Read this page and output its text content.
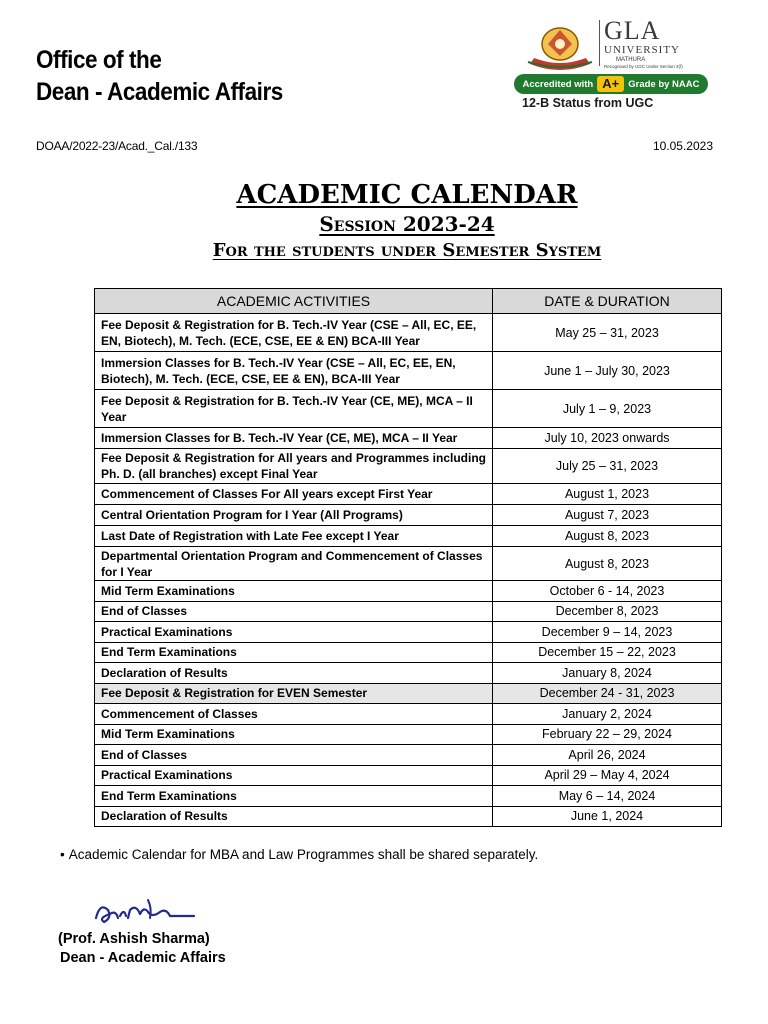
Office of the
Dean - Academic Affairs
GLA
UNIVERSITY
MATHURA
Recognised by UGC Under Section 2(f)
Accredited with A+ Grade by NAAC
12-B Status from UGC
DOAA/2022-23/Acad._Cal./133	10.05.2023
ACADEMIC CALENDAR
Session 2023-24
For the students under Semester System
ACADEMIC ACTIVITIES	DATE & DURATION
Fee Deposit & Registration for B. Tech.-IV Year (CSE – All, EC, EE, EN, Biotech), M. Tech. (ECE, CSE, EE & EN) BCA-III Year	May 25 – 31, 2023
Immersion Classes for B. Tech.-IV Year (CSE – All, EC, EE, EN, Biotech), M. Tech. (ECE, CSE, EE & EN), BCA-III Year	June 1 – July 30, 2023
Fee Deposit & Registration for B. Tech.-IV Year (CE, ME), MCA – II Year	July 1 – 9, 2023
Immersion Classes for B. Tech.-IV Year (CE, ME), MCA – II Year	July 10, 2023 onwards
Fee Deposit & Registration for All years and Programmes including Ph. D. (all branches) except Final Year	July 25 – 31, 2023
Commencement of Classes For All years except First Year	August 1, 2023
Central Orientation Program for I Year (All Programs)	August 7, 2023
Last Date of Registration with Late Fee except I Year	August 8, 2023
Departmental Orientation Program and Commencement of Classes for I Year	August 8, 2023
Mid Term Examinations	October 6 - 14, 2023
End of Classes	December 8, 2023
Practical Examinations	December 9 – 14, 2023
End Term Examinations	December 15 – 22, 2023
Declaration of Results	January 8, 2024
Fee Deposit & Registration for EVEN Semester	December 24 - 31, 2023
Commencement of Classes	January 2, 2024
Mid Term Examinations	February 22 – 29, 2024
End of Classes	April 26, 2024
Practical Examinations	April 29 – May 4, 2024
End Term Examinations	May 6 – 14, 2024
Declaration of Results	June 1, 2024
• Academic Calendar for MBA and Law Programmes shall be shared separately.
(Prof. Ashish Sharma)
Dean - Academic Affairs
